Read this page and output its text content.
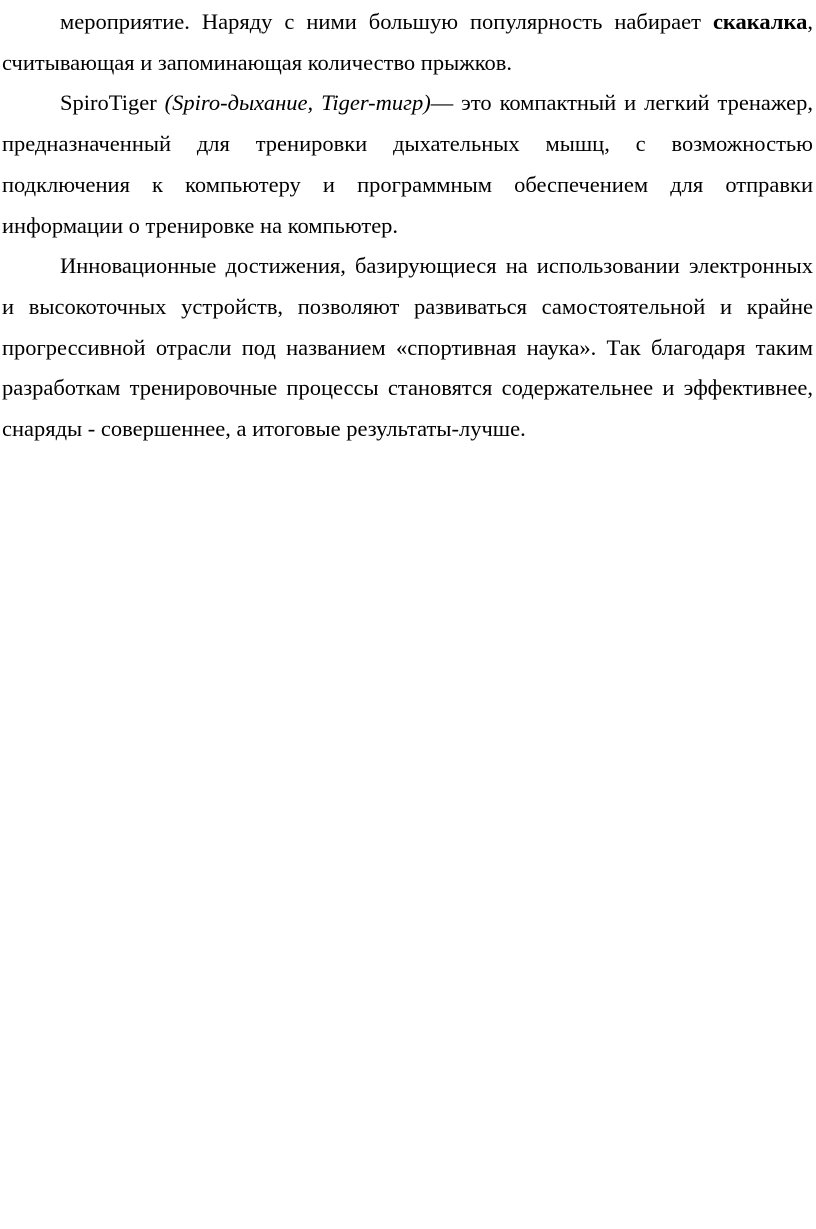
мероприятие. Наряду с ними большую популярность набирает скакалка, считывающая и запоминающая количество прыжков.

SpiroTiger (Spiro-дыхание, Tiger-тигр)— это компактный и легкий тренажер, предназначенный для тренировки дыхательных мышц, с возможностью подключения к компьютеру и программным обеспечением для отправки информации о тренировке на компьютер.

Инновационные достижения, базирующиеся на использовании электронных и высокоточных устройств, позволяют развиваться самостоятельной и крайне прогрессивной отрасли под названием «спортивная наука». Так благодаря таким разработкам тренировочные процессы становятся содержательнее и эффективнее, снаряды - совершеннее, а итоговые результаты-лучше.
